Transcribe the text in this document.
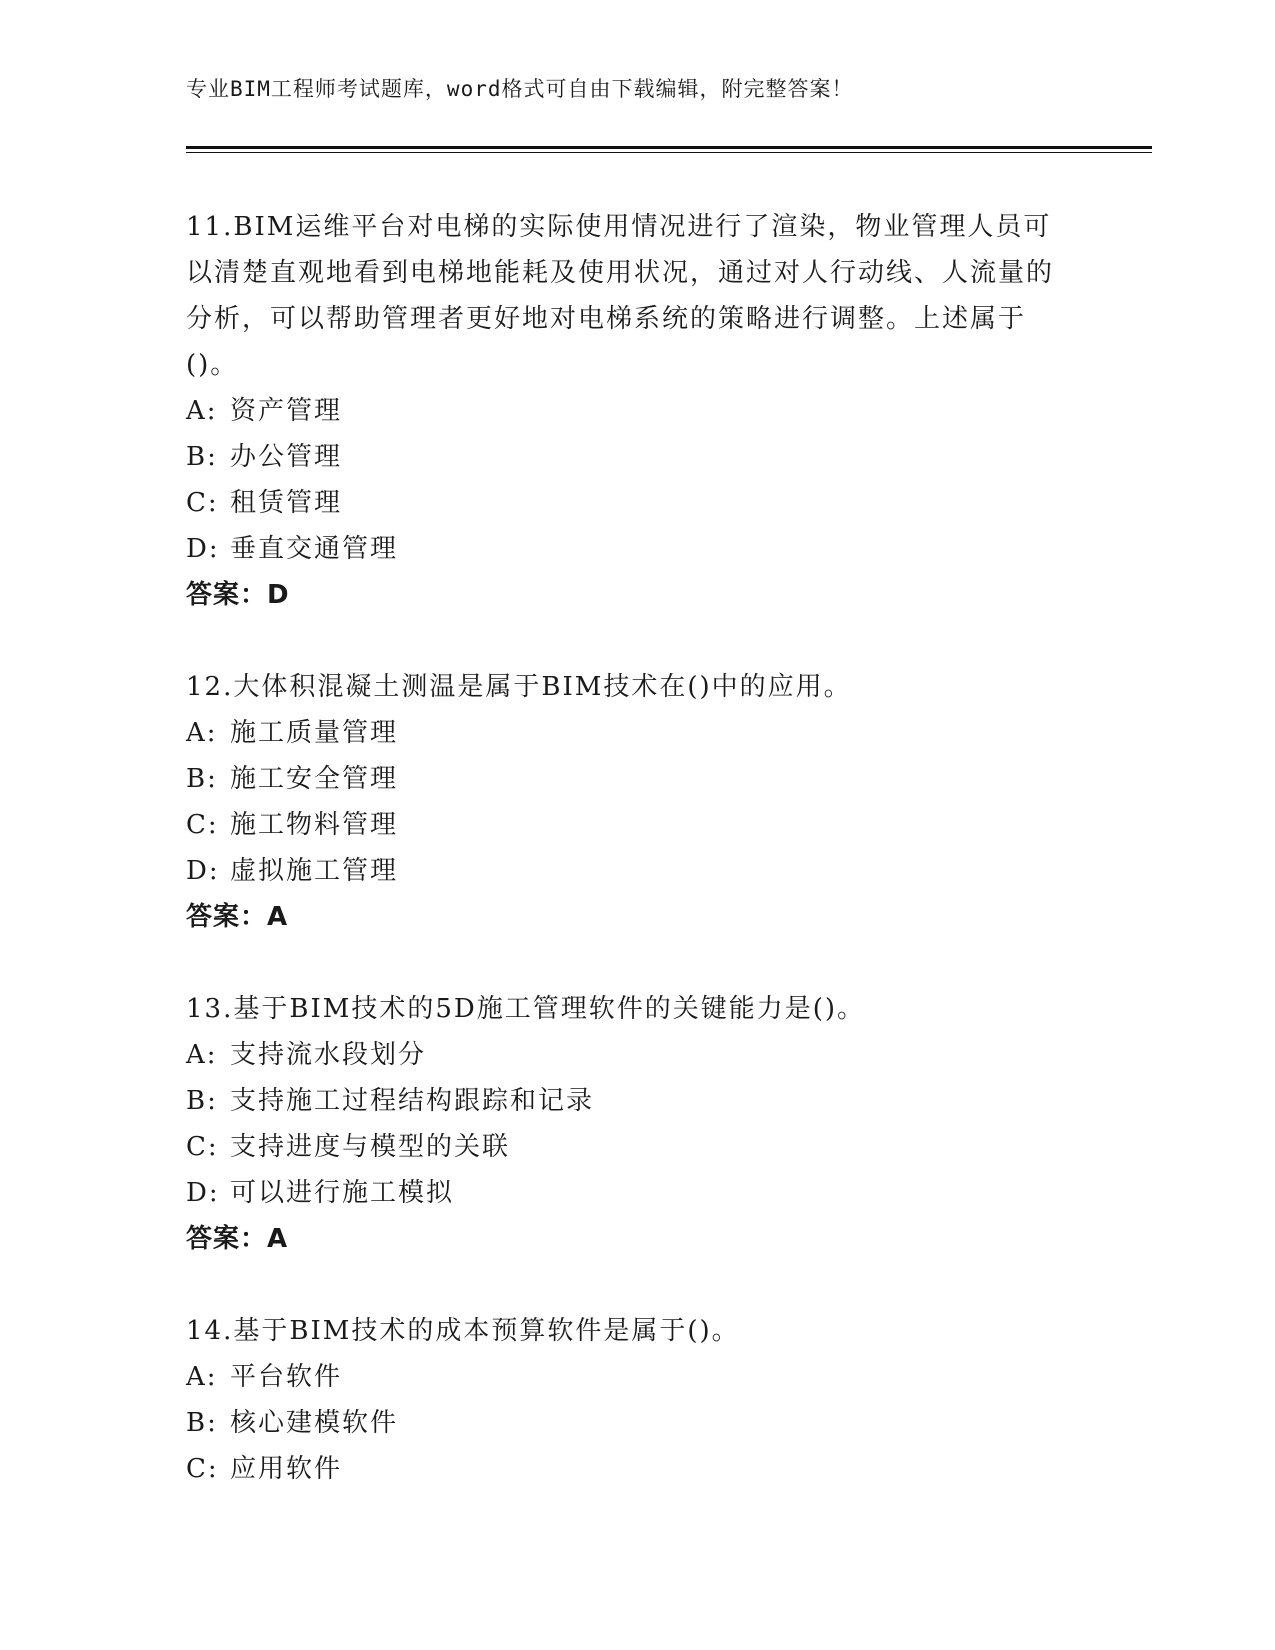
专业BIM工程师考试题库，word格式可自由下载编辑，附完整答案！
11.BIM运维平台对电梯的实际使用情况进行了渲染，物业管理人员可以清楚直观地看到电梯地能耗及使用状况，通过对人行动线、人流量的分析，可以帮助管理者更好地对电梯系统的策略进行调整。上述属于()。
A: 资产管理
B: 办公管理
C: 租赁管理
D: 垂直交通管理
答案：D
12.大体积混凝土测温是属于BIM技术在()中的应用。
A: 施工质量管理
B: 施工安全管理
C: 施工物料管理
D: 虚拟施工管理
答案：A
13.基于BIM技术的5D施工管理软件的关键能力是()。
A: 支持流水段划分
B: 支持施工过程结构跟踪和记录
C: 支持进度与模型的关联
D: 可以进行施工模拟
答案：A
14.基于BIM技术的成本预算软件是属于()。
A: 平台软件
B: 核心建模软件
C: 应用软件
